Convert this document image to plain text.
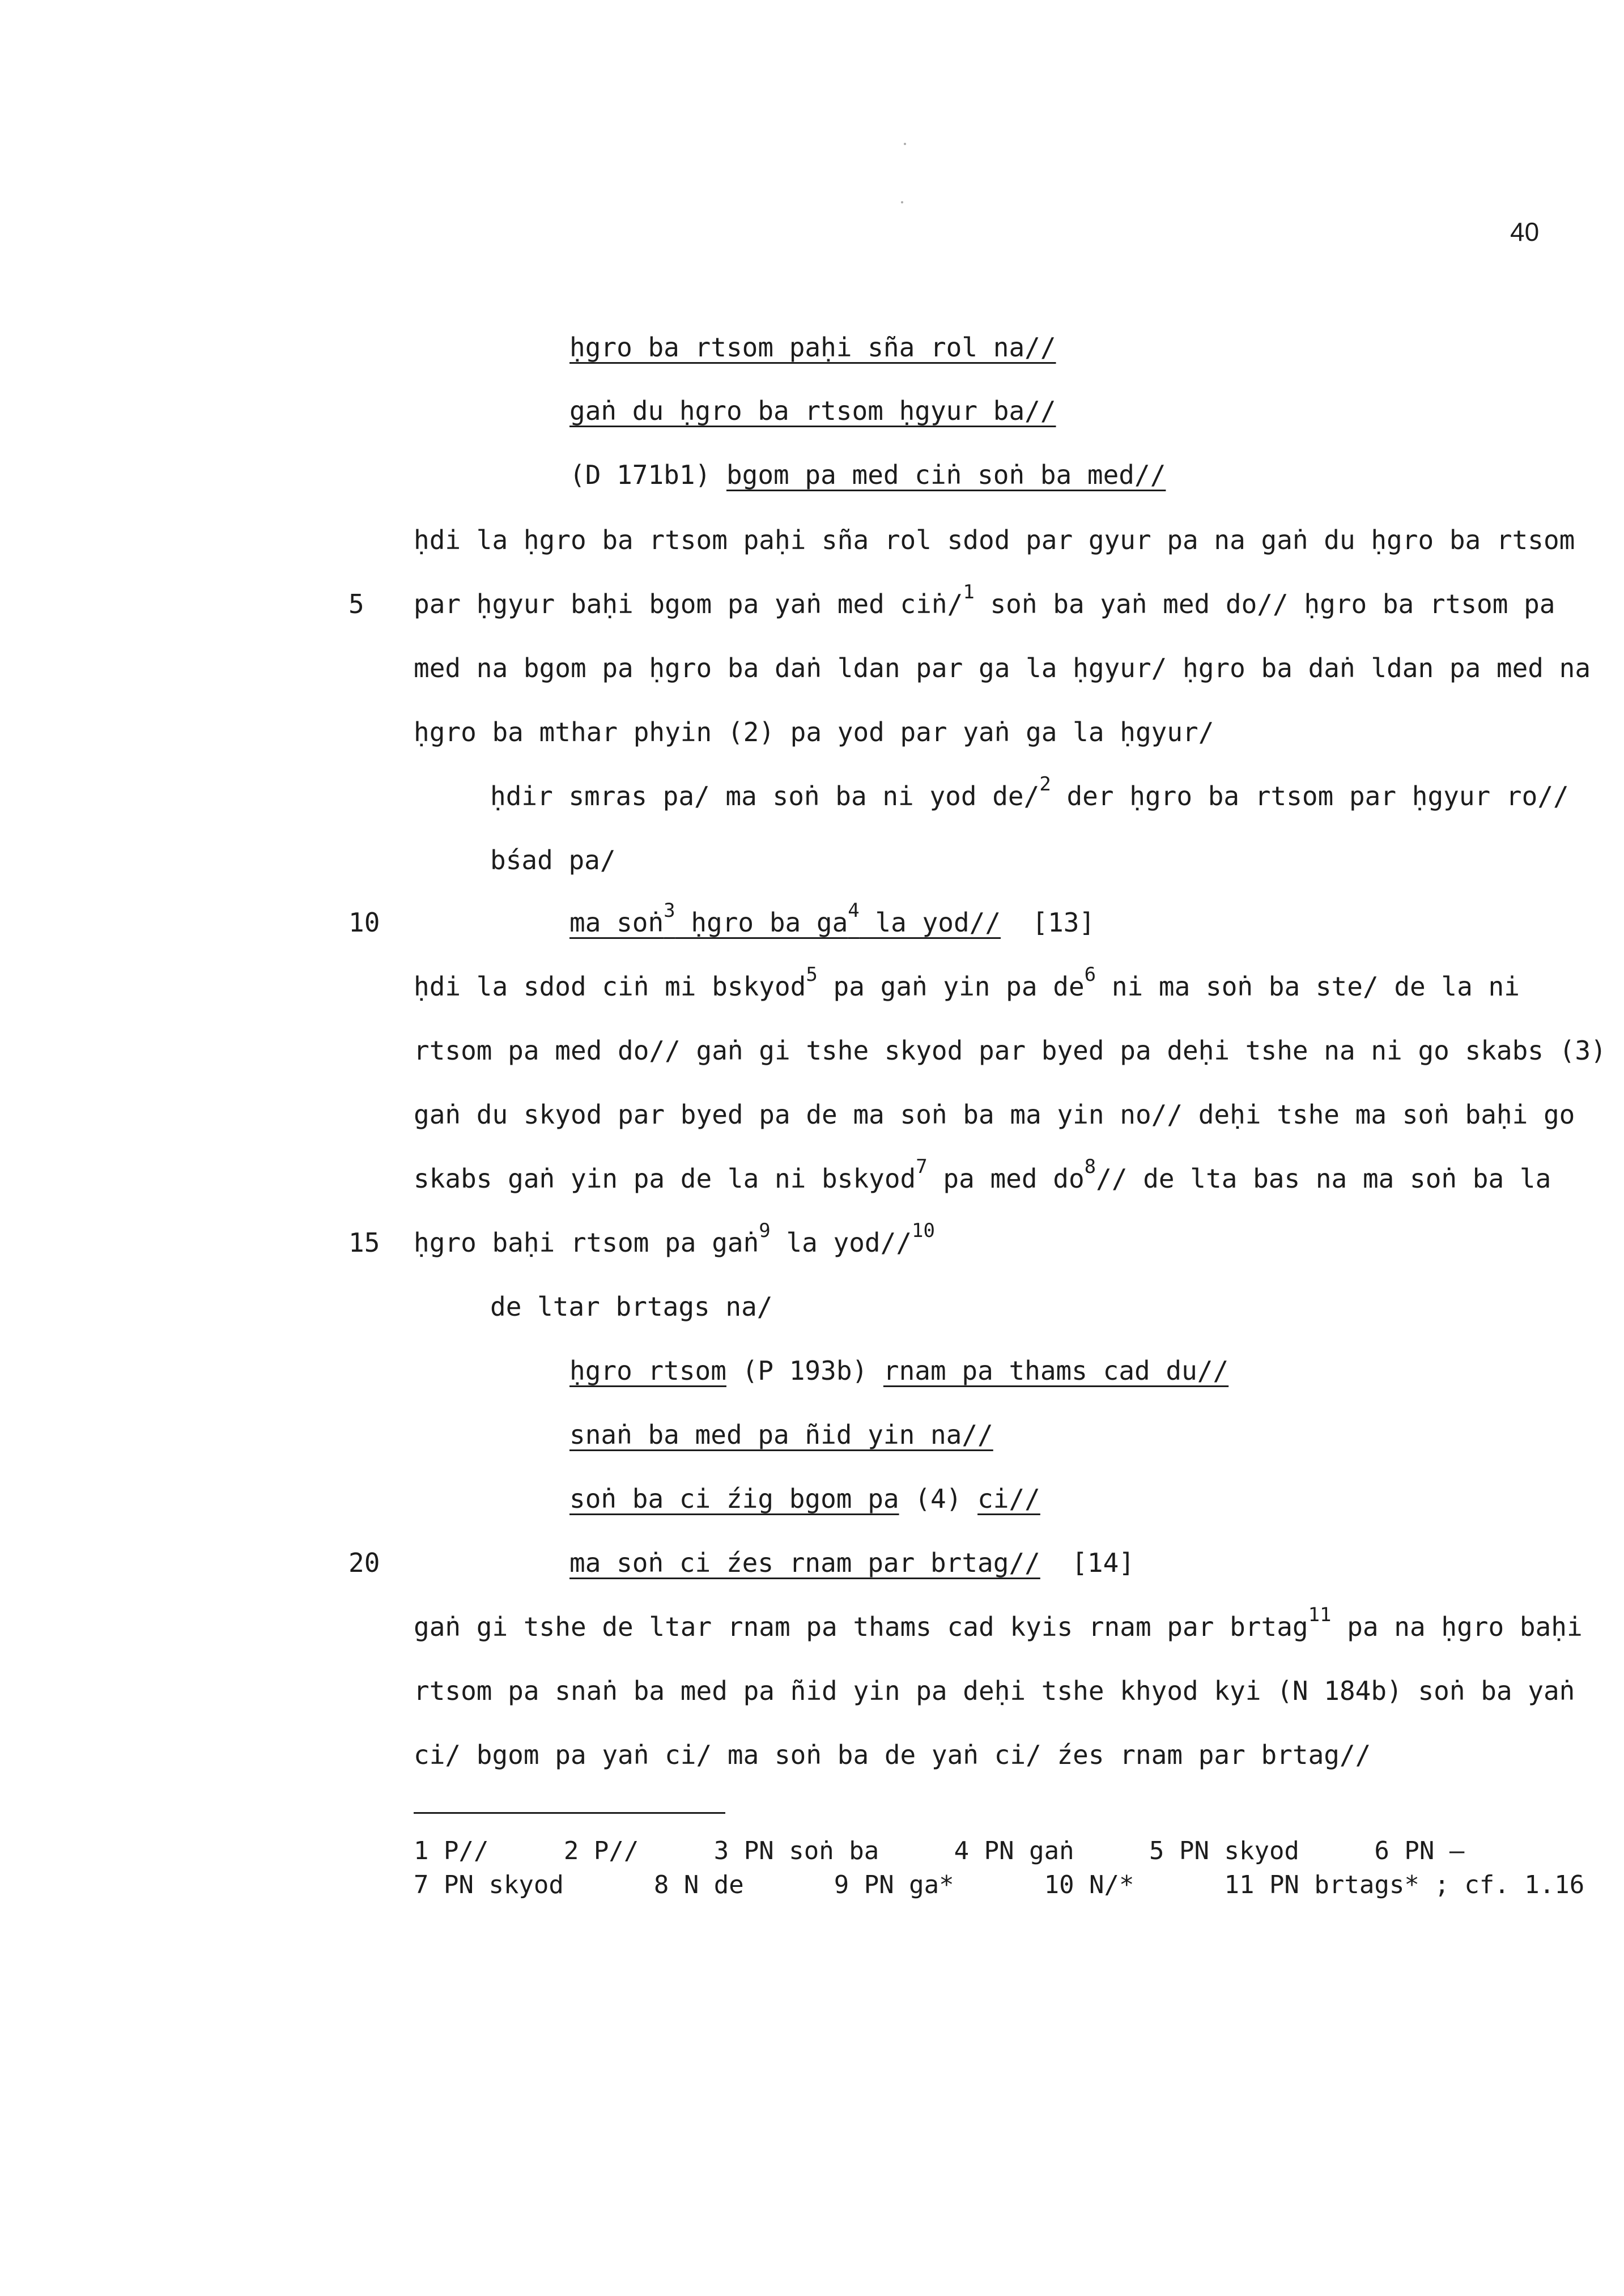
40
ḥgro ba rtsom paḥi sña rol na//
gaṅ du ḥgro ba rtsom ḥgyur ba//
(D 171b1) bgom pa med ciṅ soṅ ba med//
ḥdi la ḥgro ba rtsom paḥi sña rol sdod par gyur pa na gaṅ du ḥgro ba rtsom
5 par ḥgyur baḥi bgom pa yaṅ med ciṅ/$^1$ soṅ ba yaṅ med do// ḥgro ba rtsom pa
med na bgom pa ḥgro ba daṅ ldan par ga la ḥgyur/ ḥgro ba daṅ ldan pa med na
ḥgro ba mthar phyin (2) pa yod par yaṅ ga la ḥgyur/
ḥdir smras pa/ ma soṅ ba ni yod de/$^2$ der ḥgro ba rtsom par ḥgyur ro//
bśad pa/
10	ma soṅ$^3$ ḥgro ba $ga^4$ la yod//  [13]
ḥdi la sdod ciṅ mi bskyod$^5$ pa gaṅ yin pa $de^6$ ni ma soṅ ba ste/ de la ni
rtsom pa med do// gaṅ gi tshe skyod par byed pa deḥi tshe na ni go skabs (3)
gaṅ du skyod par byed pa de ma soṅ ba ma yin no// deḥi tshe ma soṅ baḥi go
skabs gaṅ yin pa de la ni bskyod$^7$ pa med $do^8//$ de lta bas na ma soṅ ba la
15 ḥgro baḥi rtsom pa gaṅ$^9$ la yod//$^{10}$
de ltar brtags na/
ḥgro rtsom (P 193b) rnam pa thams cad du//
snaṅ ba med pa ñid yin na//
soṅ ba ci źig bgom pa (4) ci//
20	ma soṅ ci źes rnam par brtag//  [14]
gaṅ gi tshe de ltar rnam pa thams cad kyis rnam par brtag$^{11}$ pa na ḥgro baḥi
rtsom pa snaṅ ba med pa ñid yin pa deḥi tshe khyod kyi (N 184b) soṅ ba yaṅ
ci/ bgom pa yaṅ ci/ ma soṅ ba de yaṅ ci/ źes rnam par brtag//
1 P//     2 P//     3 PN soṅ ba     4 PN gaṅ     5 PN skyod     6 PN —
7 PN skyod      8 N de      9 PN ga*      10 N/*      11 PN brtags* ; cf. 1.16
